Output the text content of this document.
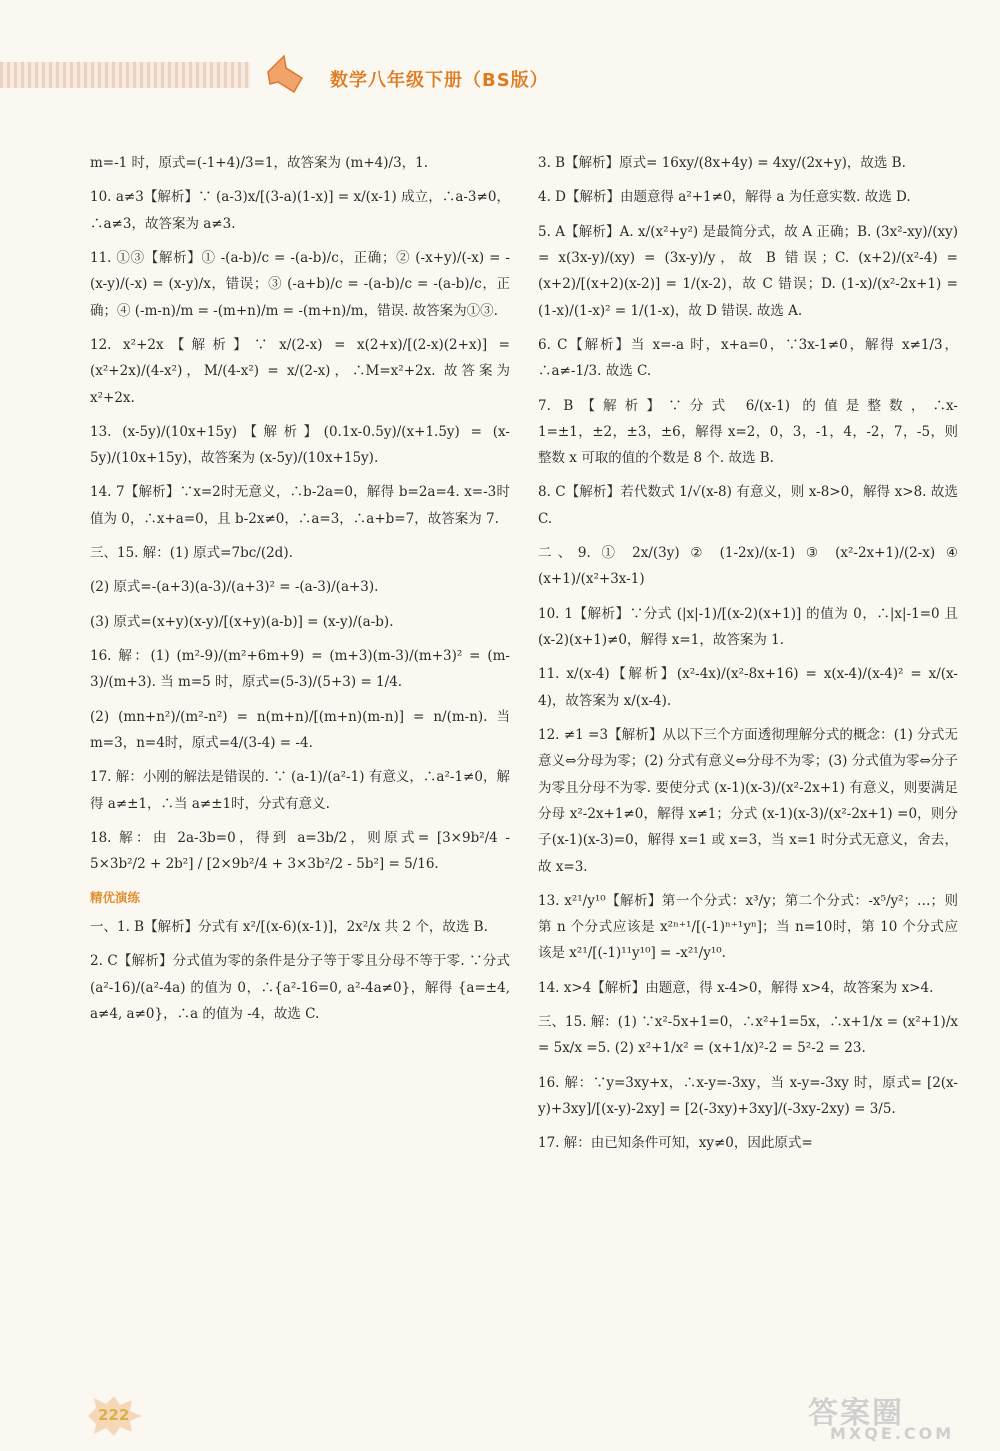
数学八年级下册（BS版）

m=-1 时，原式=(-1+4)/3=1，故答案为 (m+4)/3，1.

10. a≠3【解析】∵ (a-3)x/[(3-a)(1-x)] = x/(x-1) 成立，∴a-3≠0，∴a≠3，故答案为 a≠3.

11. ①③【解析】① -(a-b)/c = -(a-b)/c，正确；② (-x+y)/(-x) = -(x-y)/(-x) = (x-y)/x，错误；③ (-a+b)/c = -(a-b)/c = -(a-b)/c，正确；④ (-m-n)/m = -(m+n)/m = -(m+n)/m，错误. 故答案为①③.

12. x²+2x【解析】∵ x/(2-x) = x(2+x)/[(2-x)(2+x)] = (x²+2x)/(4-x²)，M/(4-x²) = x/(2-x)，∴M=x²+2x. 故答案为 x²+2x.

13. (x-5y)/(10x+15y)【解析】(0.1x-0.5y)/(x+1.5y) = (x-5y)/(10x+15y)，故答案为 (x-5y)/(10x+15y).

14. 7【解析】∵x=2时无意义，∴b-2a=0，解得 b=2a=4. x=-3时值为 0，∴x+a=0，且 b-2x≠0，∴a=3，∴a+b=7，故答案为 7.

三、15. 解：(1) 原式=7bc/(2d).

(2) 原式=-(a+3)(a-3)/(a+3)² = -(a-3)/(a+3).

(3) 原式=(x+y)(x-y)/[(x+y)(a-b)] = (x-y)/(a-b).

16. 解：(1) (m²-9)/(m²+6m+9) = (m+3)(m-3)/(m+3)² = (m-3)/(m+3). 当 m=5 时，原式=(5-3)/(5+3) = 1/4.

(2) (mn+n²)/(m²-n²) = n(m+n)/[(m+n)(m-n)] = n/(m-n). 当 m=3，n=4时，原式=4/(3-4) = -4.

17. 解：小刚的解法是错误的. ∵ (a-1)/(a²-1) 有意义，∴a²-1≠0，解得 a≠±1，∴当 a≠±1时，分式有意义.

18. 解：由 2a-3b=0，得到 a=3b/2，则原式= [3×9b²/4 - 5×3b²/2 + 2b²] / [2×9b²/4 + 3×3b²/2 - 5b²] = 5/16.

精优演练

一、1. B【解析】分式有 x²/[(x-6)(x-1)]，2x²/x 共 2 个，故选 B.

2. C【解析】分式值为零的条件是分子等于零且分母不等于零. ∵分式 (a²-16)/(a²-4a) 的值为 0，∴{a²-16=0, a²-4a≠0}，解得 {a=±4, a≠4, a≠0}，∴a 的值为 -4，故选 C.

3. B【解析】原式= 16xy/(8x+4y) = 4xy/(2x+y)，故选 B.

4. D【解析】由题意得 a²+1≠0，解得 a 为任意实数. 故选 D.

5. A【解析】A. x/(x²+y²) 是最简分式，故 A 正确；B. (3x²-xy)/(xy) = x(3x-y)/(xy) = (3x-y)/y，故 B 错误；C. (x+2)/(x²-4) = (x+2)/[(x+2)(x-2)] = 1/(x-2)，故 C 错误；D. (1-x)/(x²-2x+1) = (1-x)/(1-x)² = 1/(1-x)，故 D 错误. 故选 A.

6. C【解析】当 x=-a 时，x+a=0，∵3x-1≠0，解得 x≠1/3，∴a≠-1/3. 故选 C.

7. B【解析】∵分式 6/(x-1) 的值是整数，∴x-1=±1，±2，±3，±6，解得 x=2，0，3，-1，4，-2，7，-5，则整数 x 可取的值的个数是 8 个. 故选 B.

8. C【解析】若代数式 1/√(x-8) 有意义，则 x-8>0，解得 x>8. 故选 C.

二、9. ① 2x/(3y) ② (1-2x)/(x-1) ③ (x²-2x+1)/(2-x) ④ (x+1)/(x²+3x-1)

10. 1【解析】∵分式 (|x|-1)/[(x-2)(x+1)] 的值为 0，∴|x|-1=0 且(x-2)(x+1)≠0，解得 x=1，故答案为 1.

11. x/(x-4)【解析】(x²-4x)/(x²-8x+16) = x(x-4)/(x-4)² = x/(x-4)，故答案为 x/(x-4).

12. ≠1 =3【解析】从以下三个方面透彻理解分式的概念：(1) 分式无意义⇔分母为零；(2) 分式有意义⇔分母不为零；(3) 分式值为零⇔分子为零且分母不为零. 要使分式 (x-1)(x-3)/(x²-2x+1) 有意义，则要满足分母 x²-2x+1≠0，解得 x≠1；分式 (x-1)(x-3)/(x²-2x+1) =0，则分子(x-1)(x-3)=0，解得 x=1 或 x=3，当 x=1 时分式无意义，舍去，故 x=3.

13. x²¹/y¹⁰【解析】第一个分式：x³/y；第二个分式：-x⁵/y²；…；则第 n 个分式应该是 x²ⁿ⁺¹/[(-1)ⁿ⁺¹yⁿ]；当 n=10时，第 10 个分式应该是 x²¹/[(-1)¹¹y¹⁰] = -x²¹/y¹⁰.

14. x>4【解析】由题意，得 x-4>0，解得 x>4，故答案为 x>4.

三、15. 解：(1) ∵x²-5x+1=0，∴x²+1=5x，∴x+1/x = (x²+1)/x = 5x/x =5. (2) x²+1/x² = (x+1/x)²-2 = 5²-2 = 23.

16. 解：∵y=3xy+x，∴x-y=-3xy，当 x-y=-3xy 时，原式= [2(x-y)+3xy]/[(x-y)-2xy] = [2(-3xy)+3xy]/(-3xy-2xy) = 3/5.

17. 解：由已知条件可知，xy≠0，因此原式=

222	答案圈
MXQE.COM
